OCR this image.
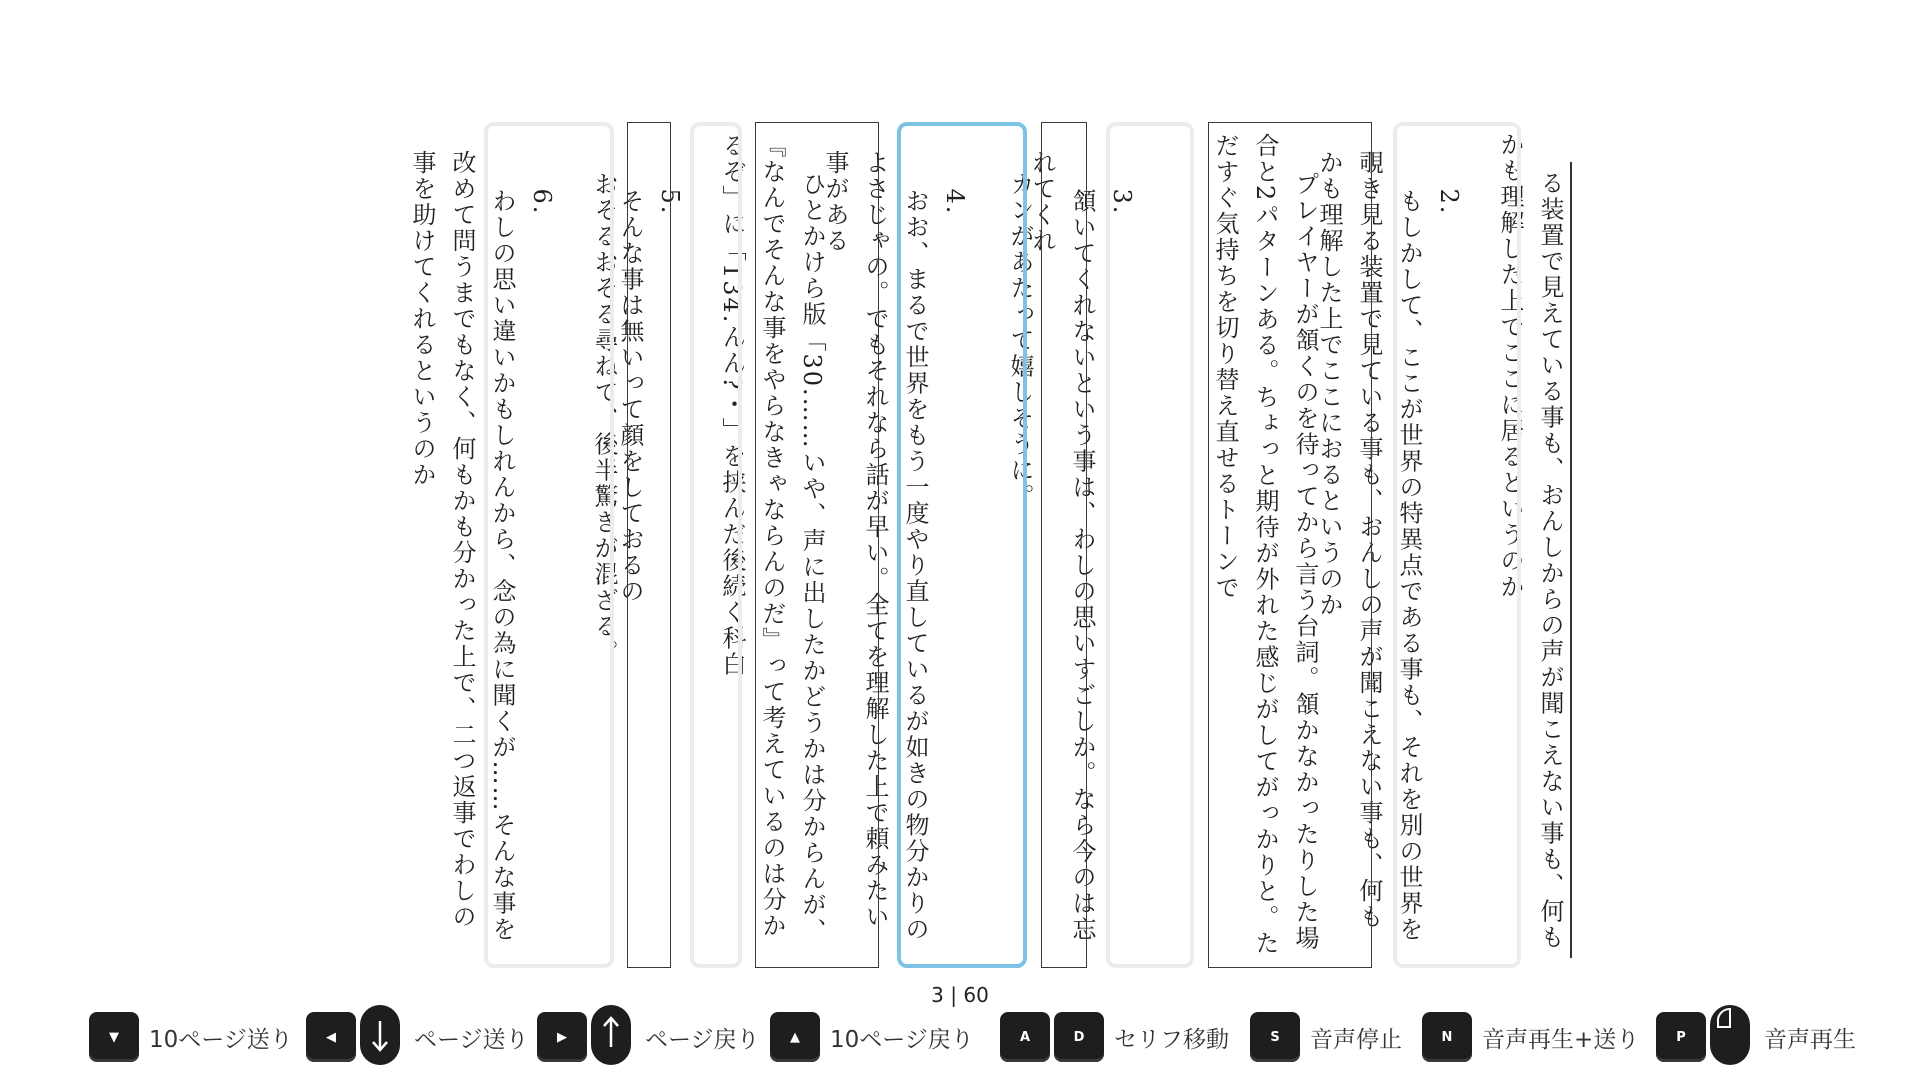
る装置で見えている事も、おんしからの声が聞こえない事も、何もかも理解した上でここに居るというのか

2.
もしかして、ここが世界の特異点である事も、それを別の世界を覗き見る装置で見ている事も、おんしの声が聞こえない事も、何もかも理解した上でここにおるというのか

プレイヤーが頷くのを待ってから言う台詞。頷かなかったりした場合と2パターンある。ちょっと期待が外れた感じがしてがっかりと。ただすぐ気持ちを切り替え直せるトーンで

3.
頷いてくれないという事は、わしの思いすごしか。なら今のは忘れてくれ

カンがあたって嬉しそうに。

4.
おお、まるで世界をもう一度やり直しているが如きの物分かりのよさじゃの。でもそれなら話が早い。全てを理解した上で頼みたい事がある

ひとかけら版「30.……いや、声に出したかどうかは分からんが、『なんでそんな事をやらなきゃならんのだ』って考えているのは分かるぞ」に「134.んん?・」を挟んだ後続く科白

5.
そんな事は無いって顔をしておるの

おそるおそる尋ねて、後半驚きが混ざる。

6.
わしの思い違いかもしれんから、念の為に聞くが……そんな事を改めて問うまでもなく、何もかも分かった上で、二つ返事でわしの事を助けてくれるというのか

3 | 60
▼	10ページ送り	◀	ページ送り	▶	ページ戻り	▲	10ページ戻り	A	D	セリフ移動	S	音声停止	N	音声再生+送り	P	音声再生
